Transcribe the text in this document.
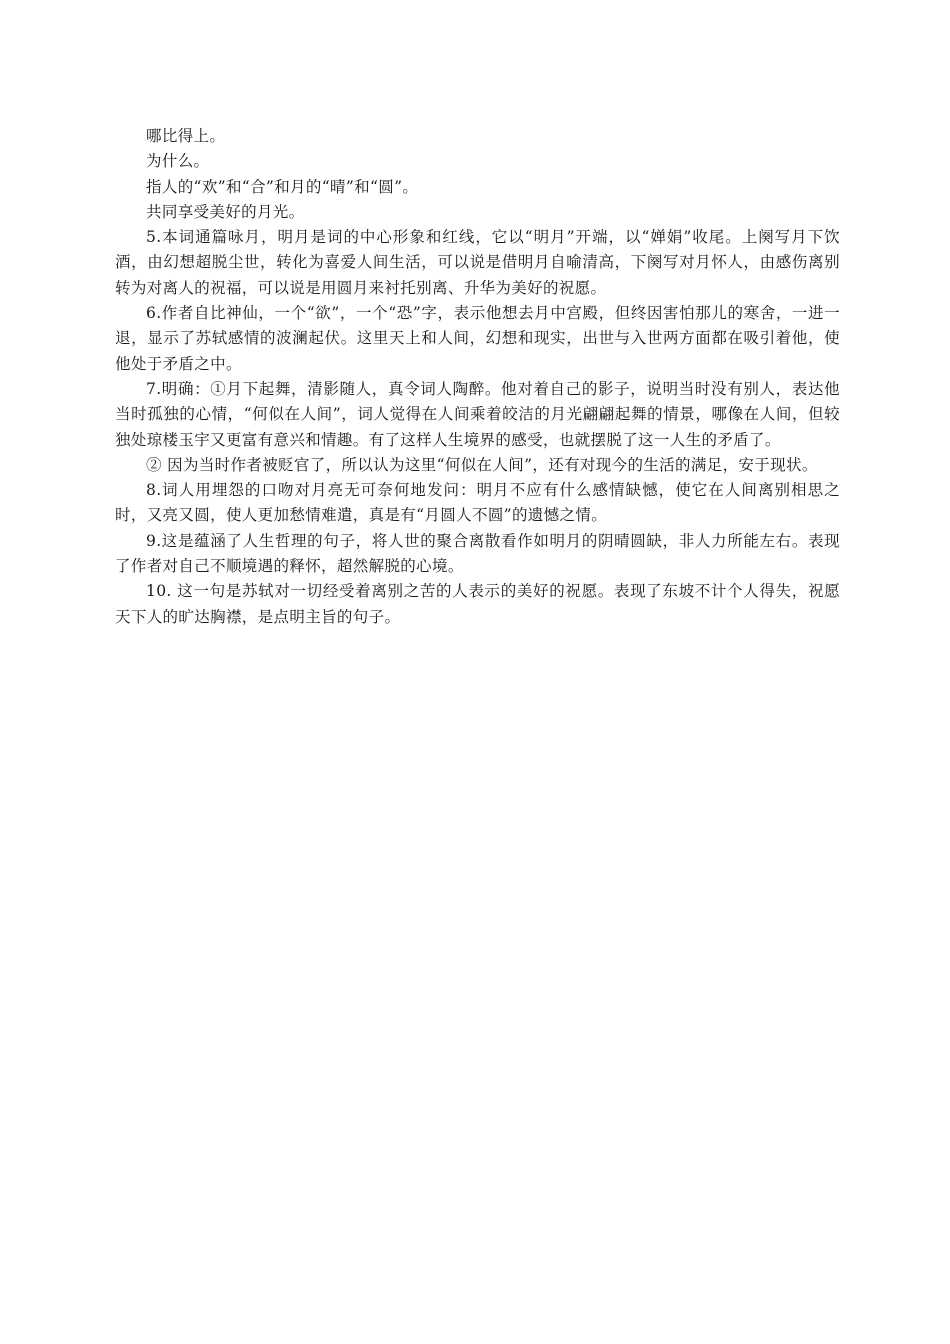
哪比得上。

为什么。

指人的“欢”和“合”和月的“晴”和“圆”。

共同享受美好的月光。

5.本词通篇咏月，明月是词的中心形象和红线，它以“明月”开端，以“婵娟”收尾。上阕写月下饮酒，由幻想超脱尘世，转化为喜爱人间生活，可以说是借明月自喻清高，下阕写对月怀人，由感伤离别转为对离人的祝福，可以说是用圆月来衬托别离、升华为美好的祝愿。

6.作者自比神仙，一个“欲”，一个“恐”字，表示他想去月中宫殿，但终因害怕那儿的寒舍，一进一退，显示了苏轼感情的波澜起伏。这里天上和人间，幻想和现实，出世与入世两方面都在吸引着他，使他处于矛盾之中。

7.明确：①月下起舞，清影随人，真令词人陶醉。他对着自己的影子，说明当时没有别人，表达他当时孤独的心情，“何似在人间”，词人觉得在人间乘着皎洁的月光翩翩起舞的情景，哪像在人间，但较独处琼楼玉宇又更富有意兴和情趣。有了这样人生境界的感受，也就摆脱了这一人生的矛盾了。

② 因为当时作者被贬官了，所以认为这里“何似在人间”，还有对现今的生活的满足，安于现状。

8.词人用埋怨的口吻对月亮无可奈何地发问：明月不应有什么感情缺憾，使它在人间离别相思之时，又亮又圆，使人更加愁情难遣，真是有“月圆人不圆”的遗憾之情。

9.这是蕴涵了人生哲理的句子，将人世的聚合离散看作如明月的阴晴圆缺，非人力所能左右。表现了作者对自己不顺境遇的释怀，超然解脱的心境。

10. 这一句是苏轼对一切经受着离别之苦的人表示的美好的祝愿。表现了东坡不计个人得失，祝愿天下人的旷达胸襟，是点明主旨的句子。
